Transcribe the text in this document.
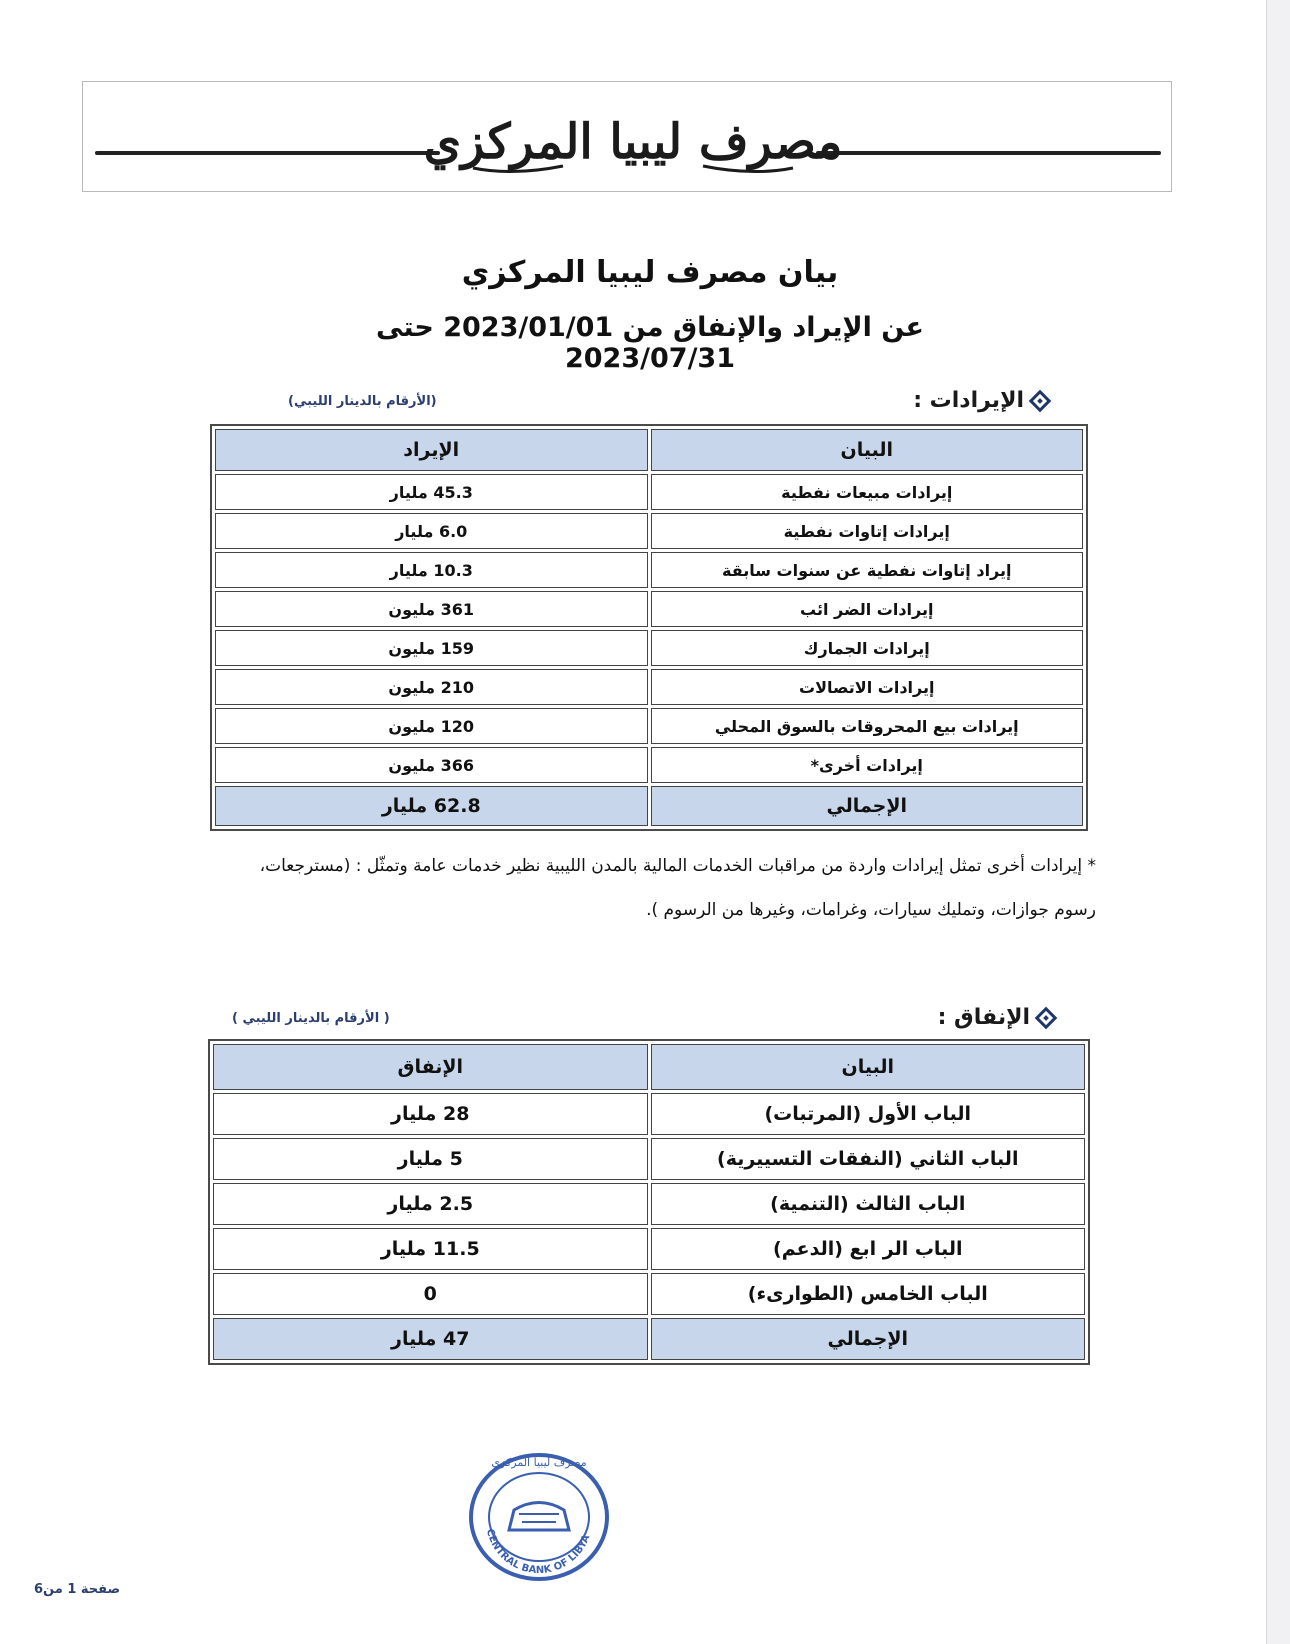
مصرف ليبيا المركزي
بيان مصرف ليبيا المركزي
عن الإيراد والإنفاق من 2023/01/01 حتى 2023/07/31
الإيرادات :
(الأرقام بالدينار الليبي)
البيان	الإيراد
إيرادات مبيعات نفطية	45.3 مليار
إيرادات إتاوات نفطية	6.0 مليار
إيراد إتاوات نفطية عن سنوات سابقة	10.3 مليار
إيرادات الضر ائب	361 مليون
إيرادات الجمارك	159 مليون
إيرادات الاتصالات	210 مليون
إيرادات بيع المحروقات بالسوق المحلي	120 مليون
إيرادات أخرى*	366 مليون
الإجمالي	62.8 مليار
* إيرادات أخرى تمثل إيرادات واردة من مراقبات الخدمات المالية بالمدن الليبية نظير خدمات عامة وتمثّل : (مسترجعات،
رسوم جوازات، وتمليك سيارات، وغرامات، وغيرها من الرسوم ).
الإنفاق :
( الأرقام بالدينار الليبي )
البيان	الإنفاق
الباب الأول (المرتبات)	28 مليار
الباب الثاني (النفقات التسييرية)	5 مليار
الباب الثالث (التنمية)	2.5 مليار
الباب الر ابع (الدعم)	11.5 مليار
الباب الخامس (الطوارىء)	0
الإجمالي	47 مليار
CENTRAL BANK OF LIBYA
مصرف ليبيا المركزي
صفحة 1 من6
